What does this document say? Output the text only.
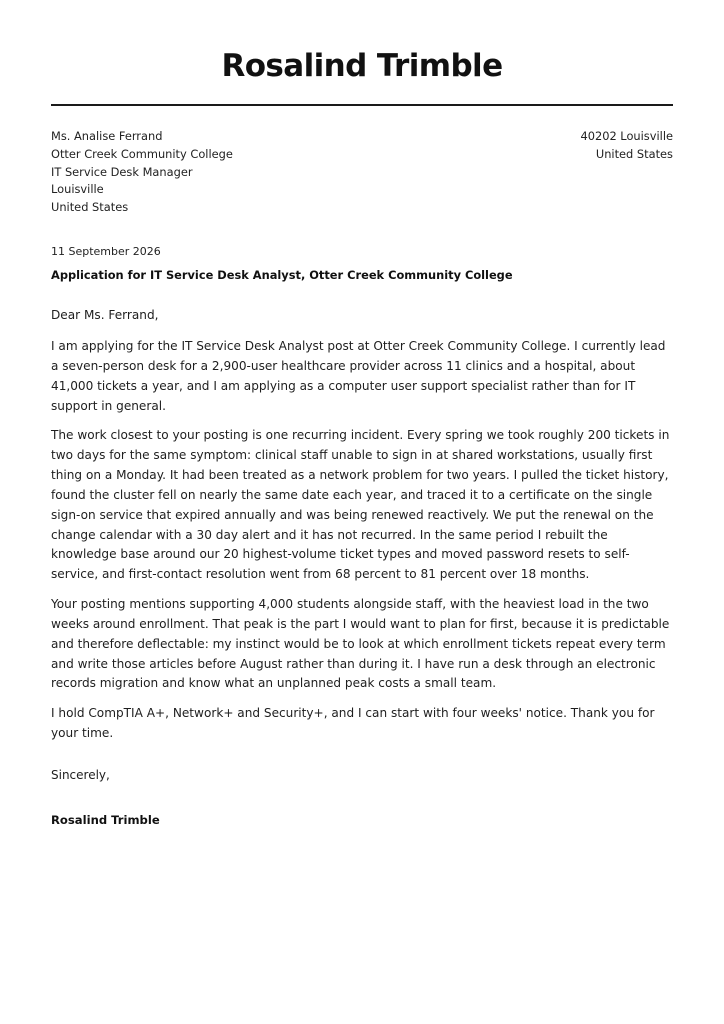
Rosalind Trimble
Ms. Analise Ferrand
Otter Creek Community College
IT Service Desk Manager
Louisville
United States
40202 Louisville
United States
11 September 2026
Application for IT Service Desk Analyst, Otter Creek Community College

Dear Ms. Ferrand,

I am applying for the IT Service Desk Analyst post at Otter Creek Community College. I currently lead a seven-person desk for a 2,900-user healthcare provider across 11 clinics and a hospital, about 41,000 tickets a year, and I am applying as a computer user support specialist rather than for IT support in general.

The work closest to your posting is one recurring incident. Every spring we took roughly 200 tickets in two days for the same symptom: clinical staff unable to sign in at shared workstations, usually first thing on a Monday. It had been treated as a network problem for two years. I pulled the ticket history, found the cluster fell on nearly the same date each year, and traced it to a certificate on the single sign-on service that expired annually and was being renewed reactively. We put the renewal on the change calendar with a 30 day alert and it has not recurred. In the same period I rebuilt the knowledge base around our 20 highest-volume ticket types and moved password resets to self-service, and first-contact resolution went from 68 percent to 81 percent over 18 months.

Your posting mentions supporting 4,000 students alongside staff, with the heaviest load in the two weeks around enrollment. That peak is the part I would want to plan for first, because it is predictable and therefore deflectable: my instinct would be to look at which enrollment tickets repeat every term and write those articles before August rather than during it. I have run a desk through an electronic records migration and know what an unplanned peak costs a small team.

I hold CompTIA A+, Network+ and Security+, and I can start with four weeks' notice. Thank you for your time.

Sincerely,
Rosalind Trimble
